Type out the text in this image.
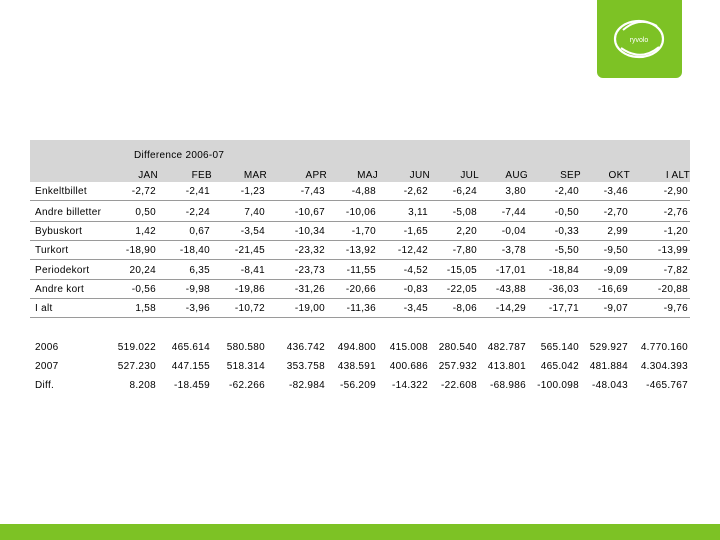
ryvolo
Difference 2006-07
JAN	FEB	MAR	APR	MAJ	JUN	JUL	AUG	SEP	OKT	I ALT
Enkeltbillet	-2,72	-2,41	-1,23	-7,43	-4,88	-2,62	-6,24	3,80	-2,40	-3,46	-2,90
Andre billetter	0,50	-2,24	7,40	-10,67	-10,06	3,11	-5,08	-7,44	-0,50	-2,70	-2,76
Bybuskort	1,42	0,67	-3,54	-10,34	-1,70	-1,65	2,20	-0,04	-0,33	2,99	-1,20
Turkort	-18,90	-18,40	-21,45	-23,32	-13,92	-12,42	-7,80	-3,78	-5,50	-9,50	-13,99
Periodekort	20,24	6,35	-8,41	-23,73	-11,55	-4,52	-15,05	-17,01	-18,84	-9,09	-7,82
Andre kort	-0,56	-9,98	-19,86	-31,26	-20,66	-0,83	-22,05	-43,88	-36,03	-16,69	-20,88
I alt	1,58	-3,96	-10,72	-19,00	-11,36	-3,45	-8,06	-14,29	-17,71	-9,07	-9,76
2006	519.022	465.614	580.580	436.742	494.800	415.008	280.540	482.787	565.140	529.927	4.770.160
2007	527.230	447.155	518.314	353.758	438.591	400.686	257.932	413.801	465.042	481.884	4.304.393
Diff.	8.208	-18.459	-62.266	-82.984	-56.209	-14.322	-22.608	-68.986	-100.098	-48.043	-465.767
